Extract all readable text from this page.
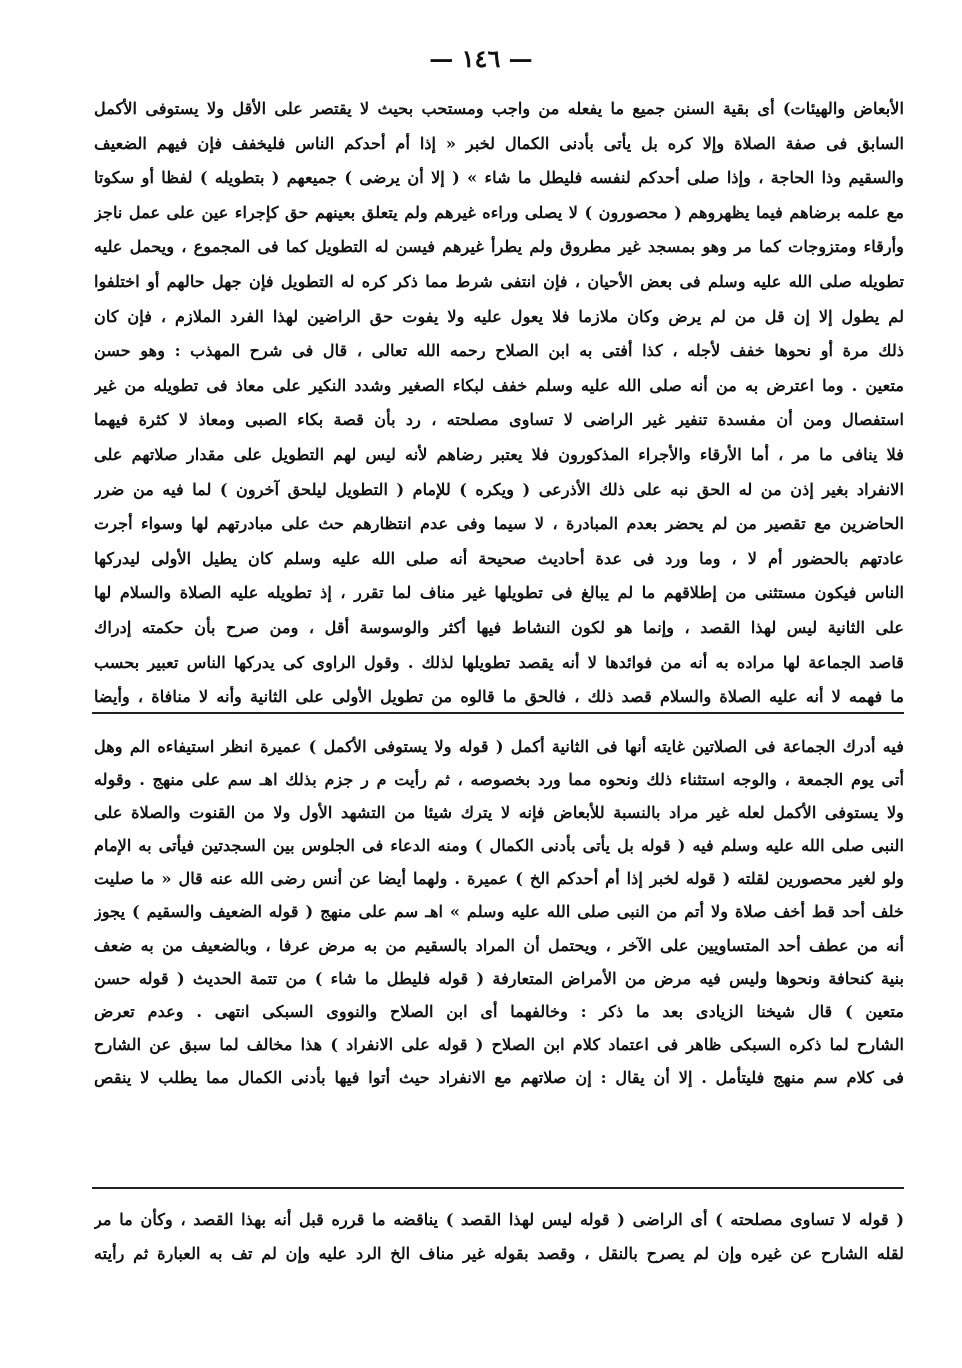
— ١٤٦ —
الأبعاض والهيئات) أى بقية السنن جميع ما يفعله من واجب ومستحب بحيث لا يقتصر على الأقل ولا يستوفى الأكمل
السابق فى صفة الصلاة وإلا كره بل يأتى بأدنى الكمال لخبر « إذا أم أحدكم الناس فليخفف فإن فيهم الضعيف
والسقيم وذا الحاجة ، وإذا صلى أحدكم لنفسه فليطل ما شاء » ( إلا أن يرضى ) جميعهم ( بتطويله ) لفظا أو سكوتا
مع علمه برضاهم فيما يظهروهم ( محصورون ) لا يصلى وراءه غيرهم ولم يتعلق بعينهم حق كإجراء عين على عمل ناجز
وأرقاء ومتزوجات كما مر وهو بمسجد غير مطروق ولم يطرأ غيرهم فيسن له التطويل كما فى المجموع ، ويحمل عليه
تطويله صلى الله عليه وسلم فى بعض الأحيان ، فإن انتفى شرط مما ذكر كره له التطويل فإن جهل حالهم أو اختلفوا
لم يطول إلا إن قل من لم يرض وكان ملازما فلا يعول عليه ولا يفوت حق الراضين لهذا الفرد الملازم ، فإن كان
ذلك مرة أو نحوها خفف لأجله ، كذا أفتى به ابن الصلاح رحمه الله تعالى ، قال فى شرح المهذب : وهو حسن
متعين . وما اعترض به من أنه صلى الله عليه وسلم خفف لبكاء الصغير وشدد النكير على معاذ فى تطويله من غير
استفصال ومن أن مفسدة تنفير غير الراضى لا تساوى مصلحته ، رد بأن قصة بكاء الصبى ومعاذ لا كثرة فيهما
فلا ينافى ما مر ، أما الأرقاء والأجراء المذكورون فلا يعتبر رضاهم لأنه ليس لهم التطويل على مقدار صلاتهم على
الانفراد بغير إذن من له الحق نبه على ذلك الأذرعى ( ويكره ) للإمام ( التطويل ليلحق آخرون ) لما فيه من ضرر
الحاضرين مع تقصير من لم يحضر بعدم المبادرة ، لا سيما وفى عدم انتظارهم حث على مبادرتهم لها وسواء أجرت
عادتهم بالحضور أم لا ، وما ورد فى عدة أحاديث صحيحة أنه صلى الله عليه وسلم كان يطيل الأولى ليدركها
الناس فيكون مستثنى من إطلاقهم ما لم يبالغ فى تطويلها غير مناف لما تقرر ، إذ تطويله عليه الصلاة والسلام لها
على الثانية ليس لهذا القصد ، وإنما هو لكون النشاط فيها أكثر والوسوسة أقل ، ومن صرح بأن حكمته إدراك
قاصد الجماعة لها مراده به أنه من فوائدها لا أنه يقصد تطويلها لذلك . وقول الراوى كى يدركها الناس تعبير بحسب
ما فهمه لا أنه عليه الصلاة والسلام قصد ذلك ، فالحق ما قالوه من تطويل الأولى على الثانية وأنه لا منافاة ، وأيضا
فيه أدرك الجماعة فى الصلاتين غايته أنها فى الثانية أكمل ( قوله ولا يستوفى الأكمل ) عميرة انظر استيفاءه الم وهل
أتى يوم الجمعة ، والوجه استثناء ذلك ونحوه مما ورد بخصوصه ، ثم رأيت م ر جزم بذلك اهـ سم على منهج . وقوله
ولا يستوفى الأكمل لعله غير مراد بالنسبة للأبعاض فإنه لا يترك شيئا من التشهد الأول ولا من القنوت والصلاة على
النبى صلى الله عليه وسلم فيه ( قوله بل يأتى بأدنى الكمال ) ومنه الدعاء فى الجلوس بين السجدتين فيأتى به الإمام
ولو لغير محصورين لقلته ( قوله لخبر إذا أم أحدكم الخ ) عميرة . ولهما أيضا عن أنس رضى الله عنه قال « ما صليت
خلف أحد قط أخف صلاة ولا أتم من النبى صلى الله عليه وسلم » اهـ سم على منهج ( قوله الضعيف والسقيم ) يجوز
أنه من عطف أحد المتساويين على الآخر ، ويحتمل أن المراد بالسقيم من به مرض عرفا ، وبالضعيف من به ضعف
بنية كنحافة ونحوها وليس فيه مرض من الأمراض المتعارفة ( قوله فليطل ما شاء ) من تتمة الحديث ( قوله حسن
متعين ) قال شيخنا الزيادى بعد ما ذكر : وخالفهما أى ابن الصلاح والنووى السبكى انتهى . وعدم تعرض
الشارح لما ذكره السبكى ظاهر فى اعتماد كلام ابن الصلاح ( قوله على الانفراد ) هذا مخالف لما سبق عن الشارح
فى كلام سم منهج فليتأمل . إلا أن يقال : إن صلاتهم مع الانفراد حيث أتوا فيها بأدنى الكمال مما يطلب لا ينقص
( قوله لا تساوى مصلحته ) أى الراضى ( قوله ليس لهذا القصد ) يناقضه ما قرره قبل أنه بهذا القصد ، وكأن ما مر
لقله الشارح عن غيره وإن لم يصرح بالنقل ، وقصد بقوله غير مناف الخ الرد عليه وإن لم تف به العبارة ثم رأيته
